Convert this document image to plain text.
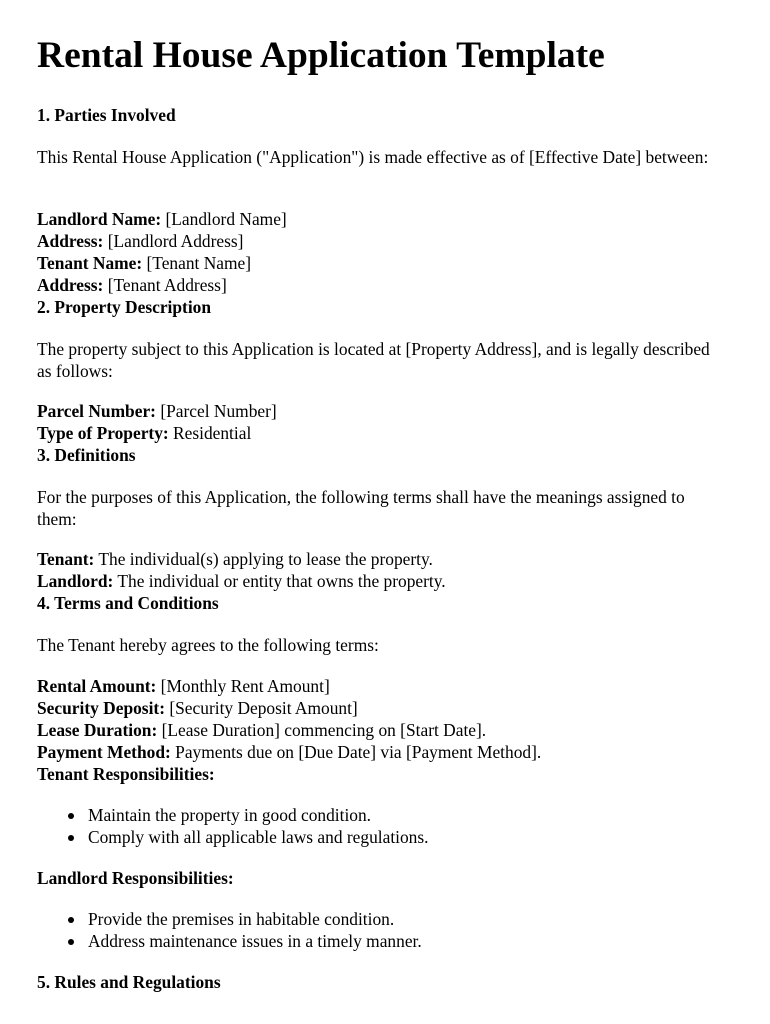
Rental House Application Template
1. Parties Involved

This Rental House Application ("Application") is made effective as of [Effective Date] between:

Landlord Name: [Landlord Name]
Address: [Landlord Address]
Tenant Name: [Tenant Name]
Address: [Tenant Address]
2. Property Description

The property subject to this Application is located at [Property Address], and is legally described as follows:

Parcel Number: [Parcel Number]
Type of Property: Residential
3. Definitions

For the purposes of this Application, the following terms shall have the meanings assigned to them:

Tenant: The individual(s) applying to lease the property.
Landlord: The individual or entity that owns the property.
4. Terms and Conditions

The Tenant hereby agrees to the following terms:

Rental Amount: [Monthly Rent Amount]
Security Deposit: [Security Deposit Amount]
Lease Duration: [Lease Duration] commencing on [Start Date].
Payment Method: Payments due on [Due Date] via [Payment Method].
Tenant Responsibilities:
Maintain the property in good condition.
Comply with all applicable laws and regulations.
Landlord Responsibilities:
Provide the premises in habitable condition.
Address maintenance issues in a timely manner.
5. Rules and Regulations
